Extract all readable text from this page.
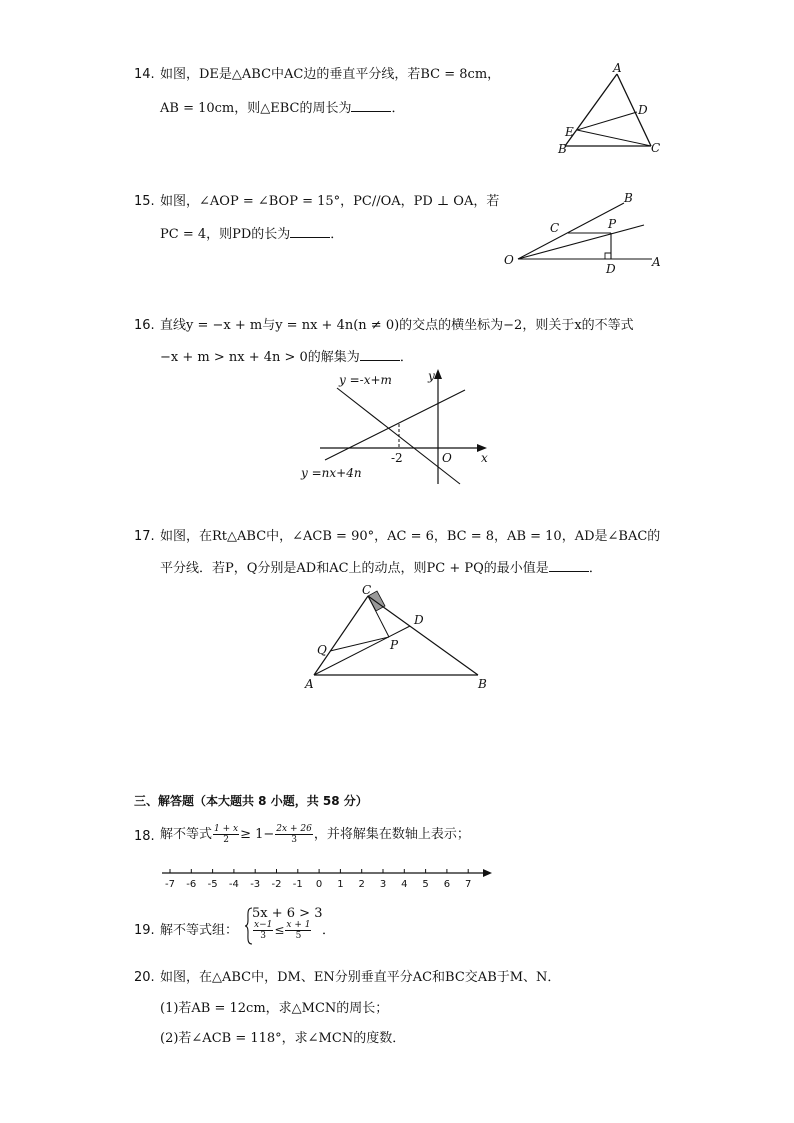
14. 如图，DE是△ABC中AC边的垂直平分线，若BC = 8cm，
AB = 10cm，则△EBC的周长为	．
A
D
E
B	C
15. 如图，∠AOP = ∠BOP = 15°，PC//OA，PD ⊥ OA，若
PC = 4，则PD的长为	．
O
B
C	P
D	A
16. 直线y = −x + m与y = nx + 4n(n ≠ 0)的交点的横坐标为−2，则关于x的不等式
−x + m > nx + 4n > 0的解集为	．
y =-x+m	y
x
O
-2
y =nx+4n
17. 如图，在Rt△ABC中，∠ACB = 90°，AC = 6，BC = 8，AB = 10，AD是∠BAC的
平分线．若P，Q分别是AD和AC上的动点，则PC + PQ的最小值是	．
C
D
P
Q
A	B
三、解答题（本大题共 8 小题，共 58 分）
18. 解不等式 $\frac{1 + x}{2} \ge 1- \frac{2x + 26}{3}$ ，并将解集在数轴上表示；
-7 -6 -5 -4 -3 -2 -1 0 1 2 3 4 5 6 7
19. 解不等式组：
5x + 6 > 3
$\frac{x-1}{3} \le \frac{x + 1}{5}$ ．
20. 如图，在△ABC中，DM、EN分别垂直平分AC和BC交AB于M、N．
(1)若AB = 12cm，求△MCN的周长；
(2)若∠ACB = 118°，求∠MCN的度数．
